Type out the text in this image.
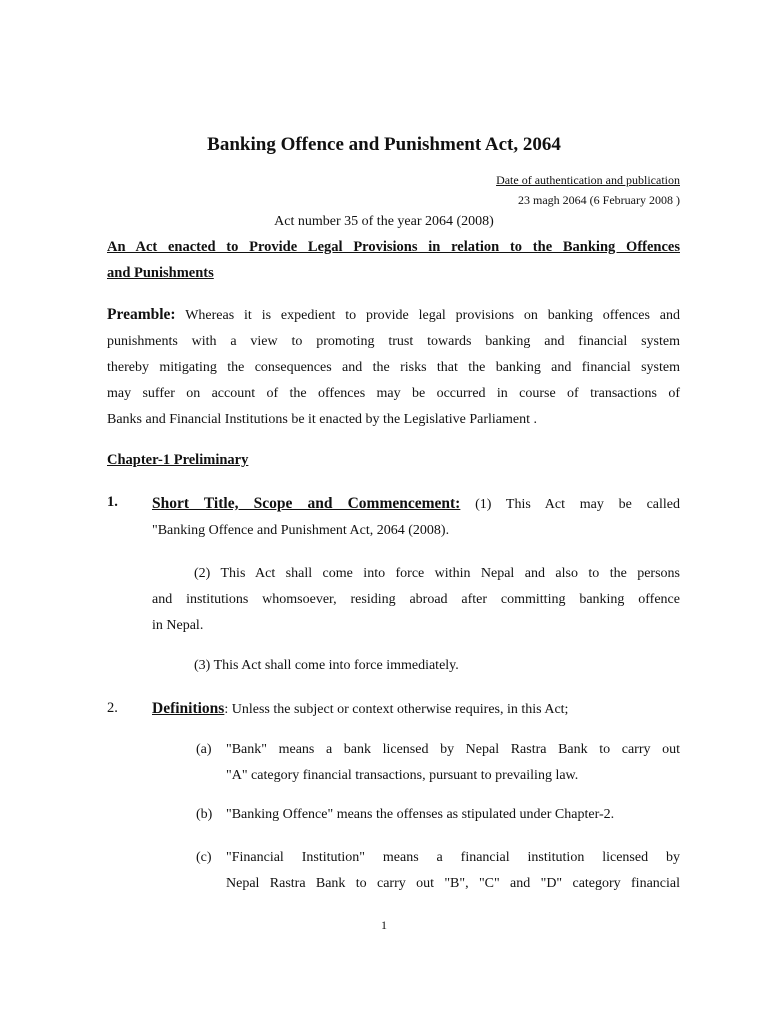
Banking Offence and Punishment Act, 2064
Date of authentication and publication
23 magh 2064 (6 February 2008 )
Act number 35 of the year 2064 (2008)
An Act enacted to Provide Legal Provisions in relation to the Banking Offences
and Punishments
Preamble: Whereas it is expedient to provide legal provisions on banking offences and
punishments with a view to promoting trust towards banking and financial system
thereby mitigating the consequences and the risks that the banking and financial system
may suffer on account of the offences may be occurred in course of transactions of
Banks and Financial Institutions be it enacted by the Legislative Parliament .
Chapter-1 Preliminary
1. Short Title, Scope and Commencement: (1) This Act may be called
"Banking Offence and Punishment Act, 2064 (2008).
(2) This Act shall come into force within Nepal and also to the persons
and institutions whomsoever, residing abroad after committing banking offence
in Nepal.
(3) This Act shall come into force immediately.
2. Definitions: Unless the subject or context otherwise requires, in this Act;
(a) "Bank" means a bank licensed by Nepal Rastra Bank to carry out
"A" category financial transactions, pursuant to prevailing law.
(b) "Banking Offence" means the offenses as stipulated under Chapter-2.
(c) "Financial Institution" means a financial institution licensed by
Nepal Rastra Bank to carry out "B", "C" and "D" category financial
1
